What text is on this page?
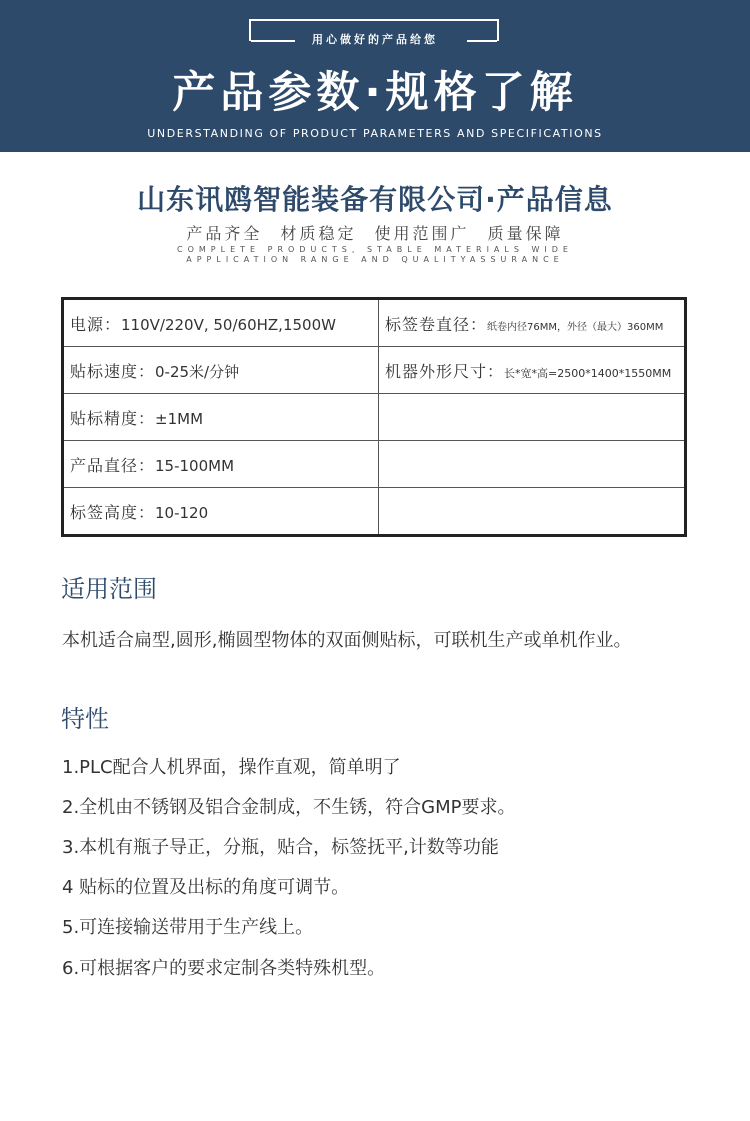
用心做好的产品给您
产品参数·规格了解
UNDERSTANDING OF PRODUCT PARAMETERS AND SPECIFICATIONS
山东讯鸥智能装备有限公司·产品信息
产品齐全 材质稳定 使用范围广 质量保障
COMPLETE PRODUCTS, STABLE MATERIALS WIDE
APPLICATION RANGE AND QUALITYASSURANCE
电源：110V/220V, 50/60HZ,1500W	标签卷直径：纸卷内径76MM，外径（最大）360MM
贴标速度：0-25米/分钟	机器外形尺寸：长*宽*高=2500*1400*1550MM
贴标精度：±1MM	
产品直径：15-100MM	
标签高度：10-120	
适用范围
本机适合扁型,圆形,椭圆型物体的双面侧贴标，可联机生产或单机作业。
特性
1.PLC配合人机界面，操作直观，简单明了
2.全机由不锈钢及铝合金制成，不生锈，符合GMP要求。
3.本机有瓶子导正，分瓶，贴合，标签抚平,计数等功能
4 贴标的位置及出标的角度可调节。
5.可连接输送带用于生产线上。
6.可根据客户的要求定制各类特殊机型。
